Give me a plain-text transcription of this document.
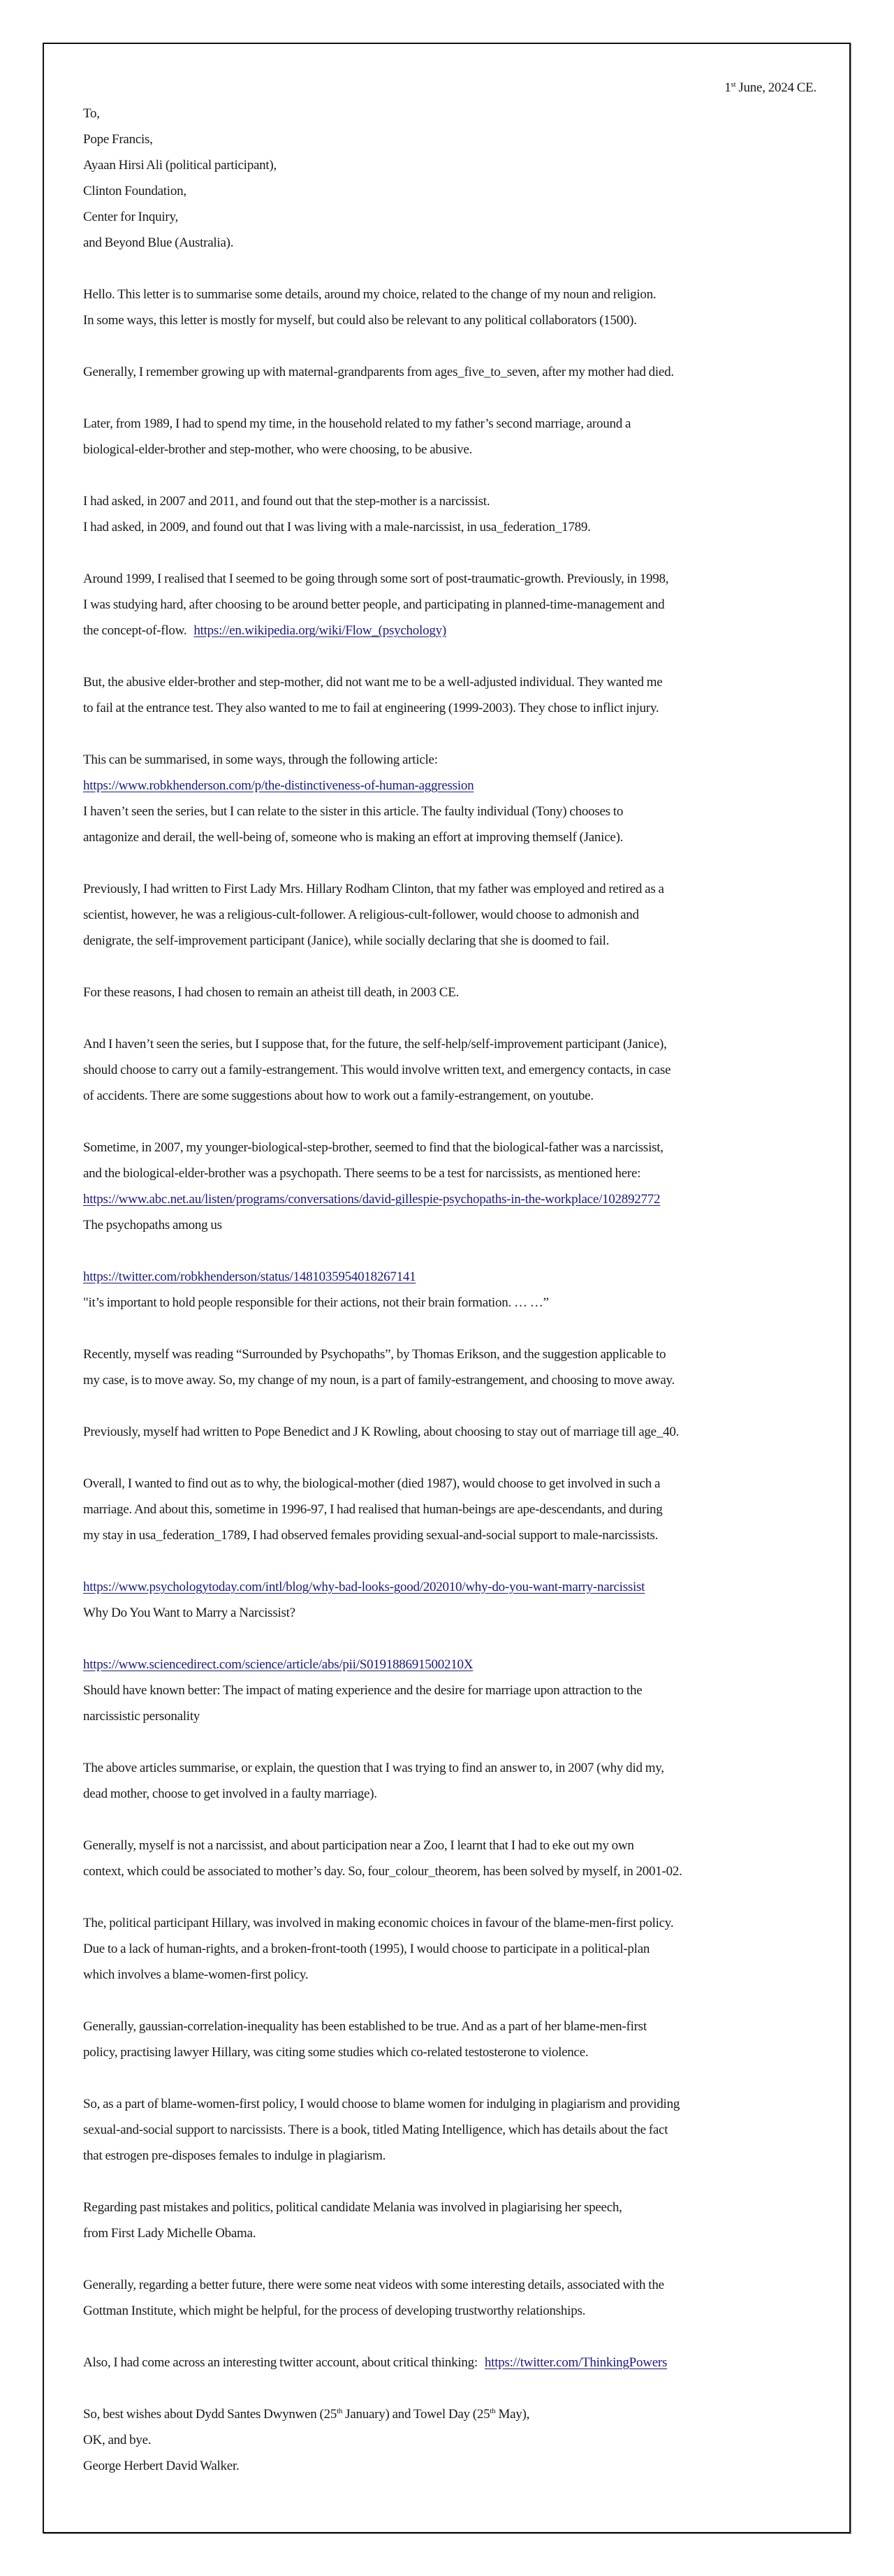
1st June, 2024 CE.
To,
Pope Francis,
Ayaan Hirsi Ali (political participant),
Clinton Foundation,
Center for Inquiry,
and Beyond Blue (Australia).
Hello. This letter is to summarise some details, around my choice, related to the change of my noun and religion.
In some ways, this letter is mostly for myself, but could also be relevant to any political collaborators (1500).
Generally, I remember growing up with maternal-grandparents from ages_five_to_seven, after my mother had died.
Later, from 1989, I had to spend my time, in the household related to my father’s second marriage, around a
biological-elder-brother and step-mother, who were choosing, to be abusive.
I had asked, in 2007 and 2011, and found out that the step-mother is a narcissist.
I had asked, in 2009, and found out that I was living with a male-narcissist, in usa_federation_1789.
Around 1999, I realised that I seemed to be going through some sort of post-traumatic-growth. Previously, in 1998,
I was studying hard, after choosing to be around better people, and participating in planned-time-management and
the concept-of-flow. https://en.wikipedia.org/wiki/Flow_(psychology)
But, the abusive elder-brother and step-mother, did not want me to be a well-adjusted individual. They wanted me
to fail at the entrance test. They also wanted to me to fail at engineering (1999-2003). They chose to inflict injury.
This can be summarised, in some ways, through the following article:
https://www.robkhenderson.com/p/the-distinctiveness-of-human-aggression
I haven’t seen the series, but I can relate to the sister in this article. The faulty individual (Tony) chooses to
antagonize and derail, the well-being of, someone who is making an effort at improving themself (Janice).
Previously, I had written to First Lady Mrs. Hillary Rodham Clinton, that my father was employed and retired as a
scientist, however, he was a religious-cult-follower. A religious-cult-follower, would choose to admonish and
denigrate, the self-improvement participant (Janice), while socially declaring that she is doomed to fail.
For these reasons, I had chosen to remain an atheist till death, in 2003 CE.
And I haven’t seen the series, but I suppose that, for the future, the self-help/self-improvement participant (Janice),
should choose to carry out a family-estrangement. This would involve written text, and emergency contacts, in case
of accidents. There are some suggestions about how to work out a family-estrangement, on youtube.
Sometime, in 2007, my younger-biological-step-brother, seemed to find that the biological-father was a narcissist,
and the biological-elder-brother was a psychopath. There seems to be a test for narcissists, as mentioned here:
https://www.abc.net.au/listen/programs/conversations/david-gillespie-psychopaths-in-the-workplace/102892772
The psychopaths among us
https://twitter.com/robkhenderson/status/1481035954018267141
"it’s important to hold people responsible for their actions, not their brain formation. … …”
Recently, myself was reading “Surrounded by Psychopaths”, by Thomas Erikson, and the suggestion applicable to
my case, is to move away. So, my change of my noun, is a part of family-estrangement, and choosing to move away.
Previously, myself had written to Pope Benedict and J K Rowling, about choosing to stay out of marriage till age_40.
Overall, I wanted to find out as to why, the biological-mother (died 1987), would choose to get involved in such a
marriage. And about this, sometime in 1996-97, I had realised that human-beings are ape-descendants, and during
my stay in usa_federation_1789, I had observed females providing sexual-and-social support to male-narcissists.
https://www.psychologytoday.com/intl/blog/why-bad-looks-good/202010/why-do-you-want-marry-narcissist
Why Do You Want to Marry a Narcissist?
https://www.sciencedirect.com/science/article/abs/pii/S019188691500210X
Should have known better: The impact of mating experience and the desire for marriage upon attraction to the
narcissistic personality
The above articles summarise, or explain, the question that I was trying to find an answer to, in 2007 (why did my,
dead mother, choose to get involved in a faulty marriage).
Generally, myself is not a narcissist, and about participation near a Zoo, I learnt that I had to eke out my own
context, which could be associated to mother’s day. So, four_colour_theorem, has been solved by myself, in 2001-02.
The, political participant Hillary, was involved in making economic choices in favour of the blame-men-first policy.
Due to a lack of human-rights, and a broken-front-tooth (1995), I would choose to participate in a political-plan
which involves a blame-women-first policy.
Generally, gaussian-correlation-inequality has been established to be true. And as a part of her blame-men-first
policy, practising lawyer Hillary, was citing some studies which co-related testosterone to violence.
So, as a part of blame-women-first policy, I would choose to blame women for indulging in plagiarism and providing
sexual-and-social support to narcissists. There is a book, titled Mating Intelligence, which has details about the fact
that estrogen pre-disposes females to indulge in plagiarism.
Regarding past mistakes and politics, political candidate Melania was involved in plagiarising her speech,
from First Lady Michelle Obama.
Generally, regarding a better future, there were some neat videos with some interesting details, associated with the
Gottman Institute, which might be helpful, for the process of developing trustworthy relationships.
Also, I had come across an interesting twitter account, about critical thinking: https://twitter.com/ThinkingPowers
So, best wishes about Dydd Santes Dwynwen (25th January) and Towel Day (25th May),
OK, and bye.
George Herbert David Walker.
